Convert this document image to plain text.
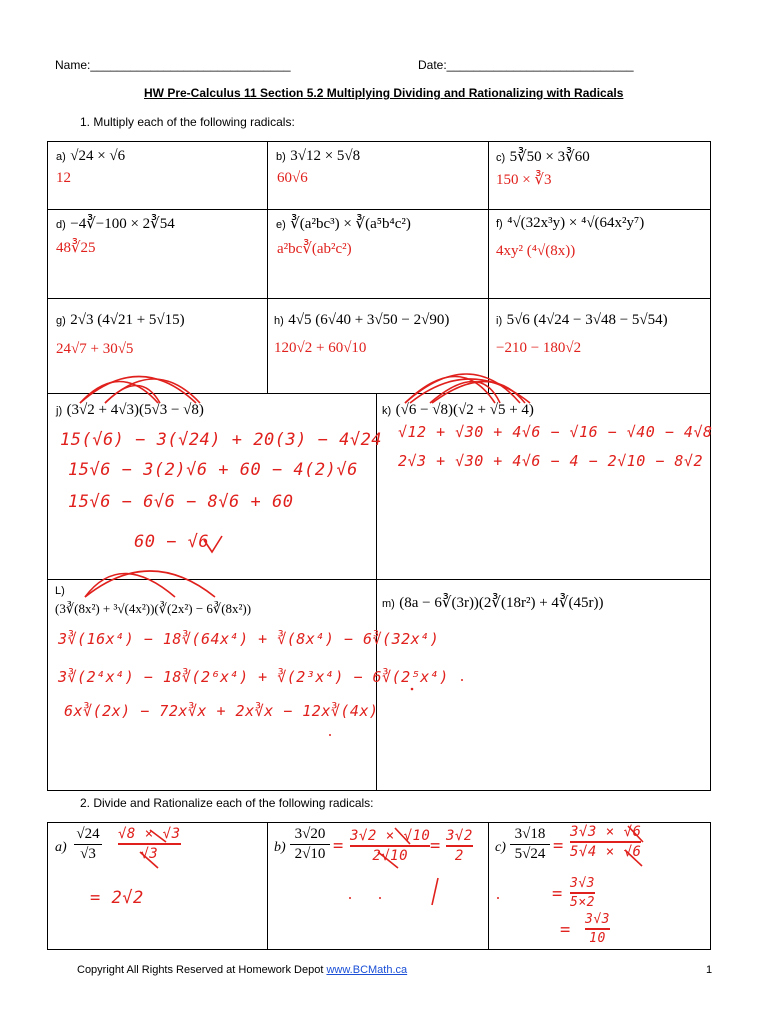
Name:______________________________	Date:____________________________
HW Pre-Calculus 11 Section 5.2 Multiplying Dividing and Rationalizing with Radicals
1. Multiply each of the following radicals:
a) √24 × √6
12
b) 3√12 × 5√8
60√6
c) 5∛50 × 3∛60
150 × ∛3
d) −4∛−100 × 2∛54
48∛25
e) ∛(a²bc³) × ∛(a⁵b⁴c²)
a²bc∛(ab²c²)
f) ⁴√(32x³y) × ⁴√(64x²y⁷)
4xy² (⁴√(8x))
g) 2√3 (4√21 + 5√15)
24√7 + 30√5
h) 4√5 (6√40 + 3√50 − 2√90)
120√2 + 60√10
i) 5√6 (4√24 − 3√48 − 5√54)
−210 − 180√2
j) (3√2 + 4√3)(5√3 − √8)
15(√6) − 3(√24) + 20(3) − 4√24
15√6 − 3(2)√6 + 60 − 4(2)√6
15√6 − 6√6 − 8√6 + 60
60 − √6
k) (√6 − √8)(√2 + √5 + 4)
√12 + √30 + 4√6 − √16 − √40 − 4√8
2√3 + √30 + 4√6 − 4 − 2√10 − 8√2
L)
(3∛(8x²) + ³√(4x²))(∛(2x²) − 6∛(8x²))
3∛(16x⁴) − 18∛(64x⁴) + ∛(8x⁴) − 6∛(32x⁴)
3∛(2⁴x⁴) − 18∛(2⁶x⁴) + ∛(2³x⁴) − 6∛(2⁵x⁴)
6x∛(2x) − 72x∛x + 2x∛x − 12x∛(4x)
m) (8a − 6∛(3r))(2∛(18r²) + 4∛(45r))
2. Divide and Rationalize each of the following radicals:
a)
√24
√3
√8 × √3
√3
= 2√2
b)
3√20
2√10 = 3√2 × √10
2√10	= 3√2
2
c)
3√18
5√24 =
3√3 × √6
5√4 × √6
=
3√3
5×2
=
3√3
10
Copyright All Rights Reserved at Homework Depot www.BCMath.ca	1
